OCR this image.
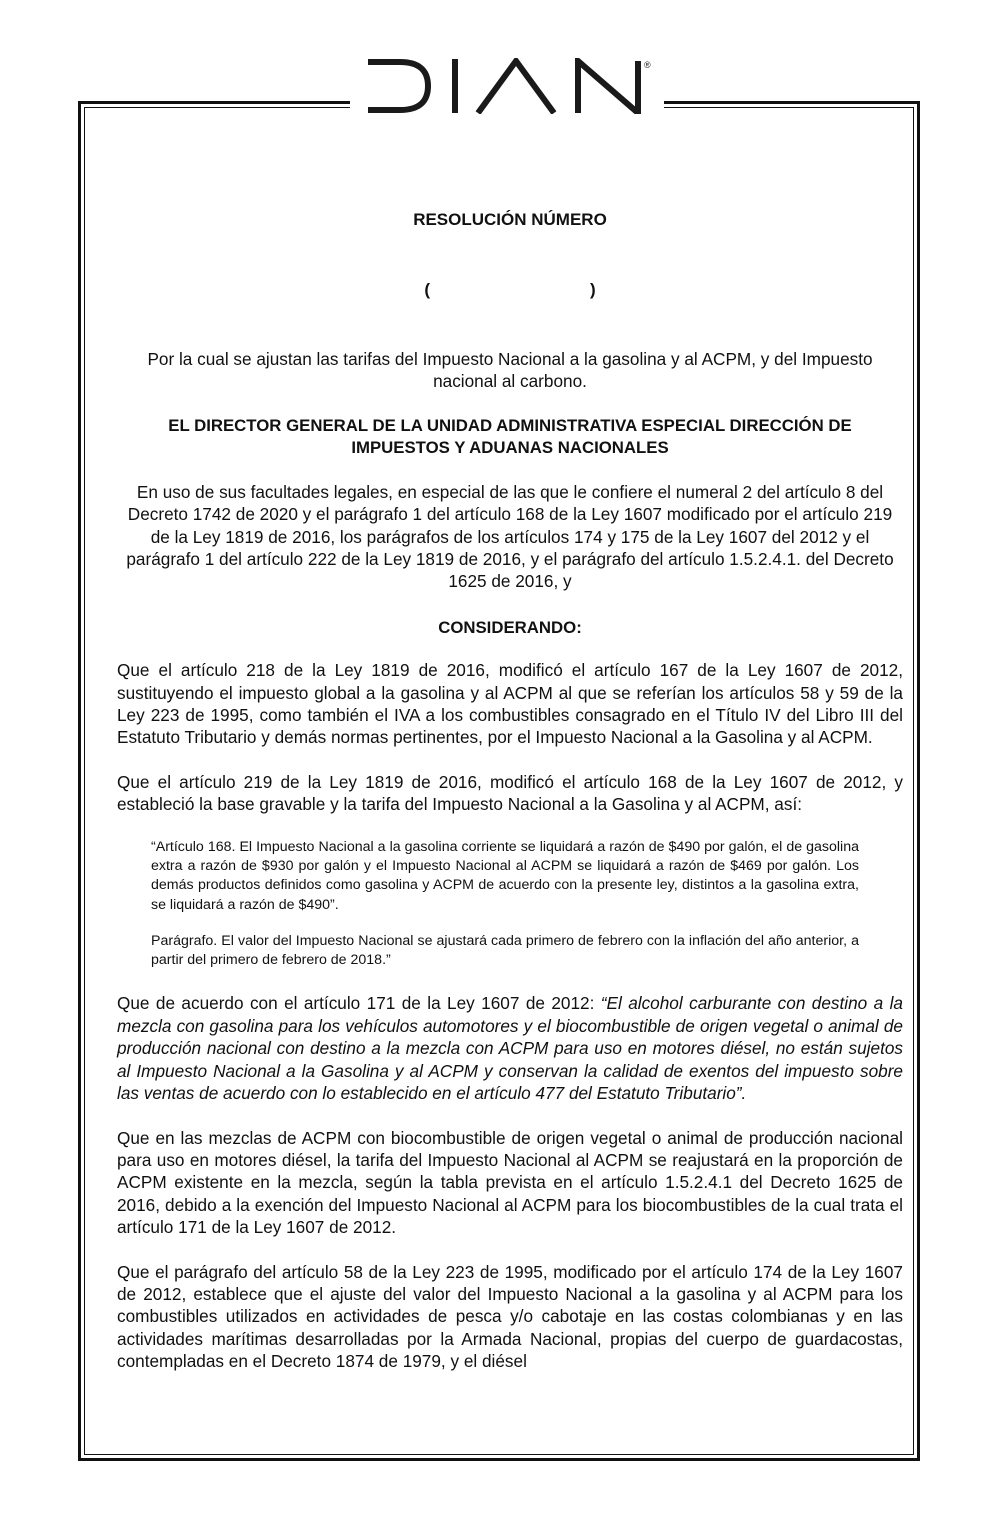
®

RESOLUCIÓN NÚMERO

(	)

Por la cual se ajustan las tarifas del Impuesto Nacional a la gasolina y al ACPM, y del Impuesto nacional al carbono.

EL DIRECTOR GENERAL DE LA UNIDAD ADMINISTRATIVA ESPECIAL DIRECCIÓN DE IMPUESTOS Y ADUANAS NACIONALES

En uso de sus facultades legales, en especial de las que le confiere el numeral 2 del artículo 8 del Decreto 1742 de 2020 y el parágrafo 1 del artículo 168 de la Ley 1607 modificado por el artículo 219 de la Ley 1819 de 2016, los parágrafos de los artículos 174 y 175 de la Ley 1607 del 2012 y el parágrafo 1 del artículo 222 de la Ley 1819 de 2016, y el parágrafo del artículo 1.5.2.4.1. del Decreto 1625 de 2016, y

CONSIDERANDO:

Que el artículo 218 de la Ley 1819 de 2016, modificó el artículo 167 de la Ley 1607 de 2012, sustituyendo el impuesto global a la gasolina y al ACPM al que se referían los artículos 58 y 59 de la Ley 223 de 1995, como también el IVA a los combustibles consagrado en el Título IV del Libro III del Estatuto Tributario y demás normas pertinentes, por el Impuesto Nacional a la Gasolina y al ACPM.

Que el artículo 219 de la Ley 1819 de 2016, modificó el artículo 168 de la Ley 1607 de 2012, y estableció la base gravable y la tarifa del Impuesto Nacional a la Gasolina y al ACPM, así:

“Artículo 168. El Impuesto Nacional a la gasolina corriente se liquidará a razón de $490 por galón, el de gasolina extra a razón de $930 por galón y el Impuesto Nacional al ACPM se liquidará a razón de $469 por galón. Los demás productos definidos como gasolina y ACPM de acuerdo con la presente ley, distintos a la gasolina extra, se liquidará a razón de $490”.

Parágrafo. El valor del Impuesto Nacional se ajustará cada primero de febrero con la inflación del año anterior, a partir del primero de febrero de 2018.”

Que de acuerdo con el artículo 171 de la Ley 1607 de 2012: “El alcohol carburante con destino a la mezcla con gasolina para los vehículos automotores y el biocombustible de origen vegetal o animal de producción nacional con destino a la mezcla con ACPM para uso en motores diésel, no están sujetos al Impuesto Nacional a la Gasolina y al ACPM y conservan la calidad de exentos del impuesto sobre las ventas de acuerdo con lo establecido en el artículo 477 del Estatuto Tributario”.

Que en las mezclas de ACPM con biocombustible de origen vegetal o animal de producción nacional para uso en motores diésel, la tarifa del Impuesto Nacional al ACPM se reajustará en la proporción de ACPM existente en la mezcla, según la tabla prevista en el artículo 1.5.2.4.1 del Decreto 1625 de 2016, debido a la exención del Impuesto Nacional al ACPM para los biocombustibles de la cual trata el artículo 171 de la Ley 1607 de 2012.

Que el parágrafo del artículo 58 de la Ley 223 de 1995, modificado por el artículo 174 de la Ley 1607 de 2012, establece que el ajuste del valor del Impuesto Nacional a la gasolina y al ACPM para los combustibles utilizados en actividades de pesca y/o cabotaje en las costas colombianas y en las actividades marítimas desarrolladas por la Armada Nacional, propias del cuerpo de guardacostas, contempladas en el Decreto 1874 de 1979, y el diésel
